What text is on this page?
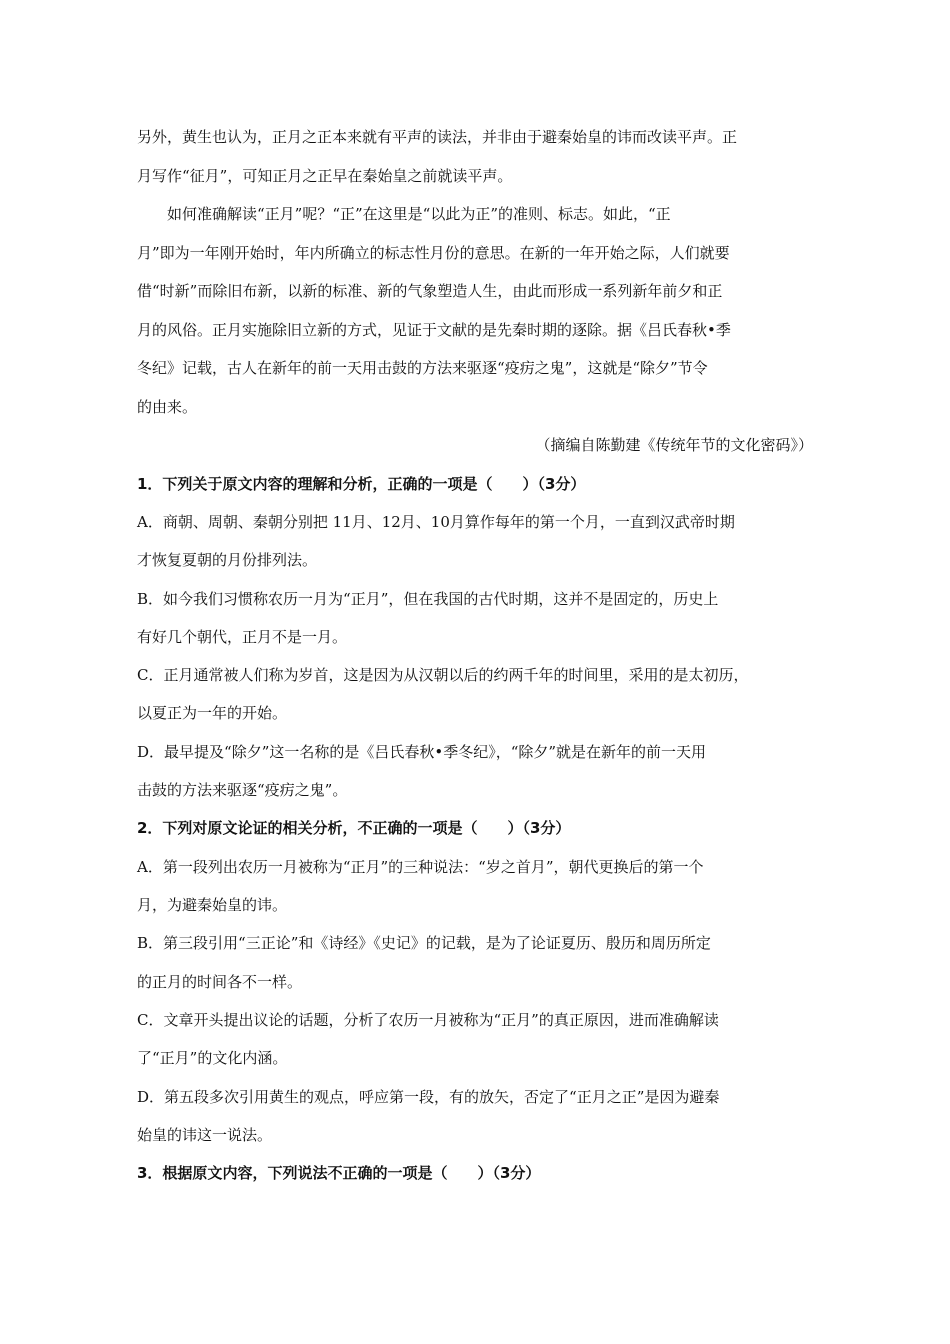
另外，黄生也认为，正月之正本来就有平声的读法，并非由于避秦始皇的讳而改读平声。正
月写作“征月”，可知正月之正早在秦始皇之前就读平声。
如何准确解读“正月”呢？“正”在这里是“以此为正”的准则、标志。如此，“正
月”即为一年刚开始时，年内所确立的标志性月份的意思。在新的一年开始之际，人们就要
借“时新”而除旧布新，以新的标准、新的气象塑造人生，由此而形成一系列新年前夕和正
月的风俗。正月实施除旧立新的方式，见证于文献的是先秦时期的逐除。据《吕氏春秋•季
冬纪》记载，古人在新年的前一天用击鼓的方法来驱逐“疫疠之鬼”，这就是“除夕”节令
的由来。
（摘编自陈勤建《传统年节的文化密码》）
1．下列关于原文内容的理解和分析，正确的一项是（　　）（3分）
A．商朝、周朝、秦朝分别把 11月、12月、10月算作每年的第一个月，一直到汉武帝时期
才恢复夏朝的月份排列法。
B．如今我们习惯称农历一月为“正月”，但在我国的古代时期，这并不是固定的，历史上
有好几个朝代，正月不是一月。
C．正月通常被人们称为岁首，这是因为从汉朝以后的约两千年的时间里，采用的是太初历，
以夏正为一年的开始。
D．最早提及“除夕”这一名称的是《吕氏春秋•季冬纪》，“除夕”就是在新年的前一天用
击鼓的方法来驱逐“疫疠之鬼”。
2．下列对原文论证的相关分析，不正确的一项是（　　）（3分）
A．第一段列出农历一月被称为“正月”的三种说法：“岁之首月”，朝代更换后的第一个
月，为避秦始皇的讳。
B．第三段引用“三正论”和《诗经》《史记》的记载，是为了论证夏历、殷历和周历所定
的正月的时间各不一样。
C．文章开头提出议论的话题，分析了农历一月被称为“正月”的真正原因，进而准确解读
了“正月”的文化内涵。
D．第五段多次引用黄生的观点，呼应第一段，有的放矢，否定了“正月之正”是因为避秦
始皇的讳这一说法。
3．根据原文内容，下列说法不正确的一项是（　　）（3分）
